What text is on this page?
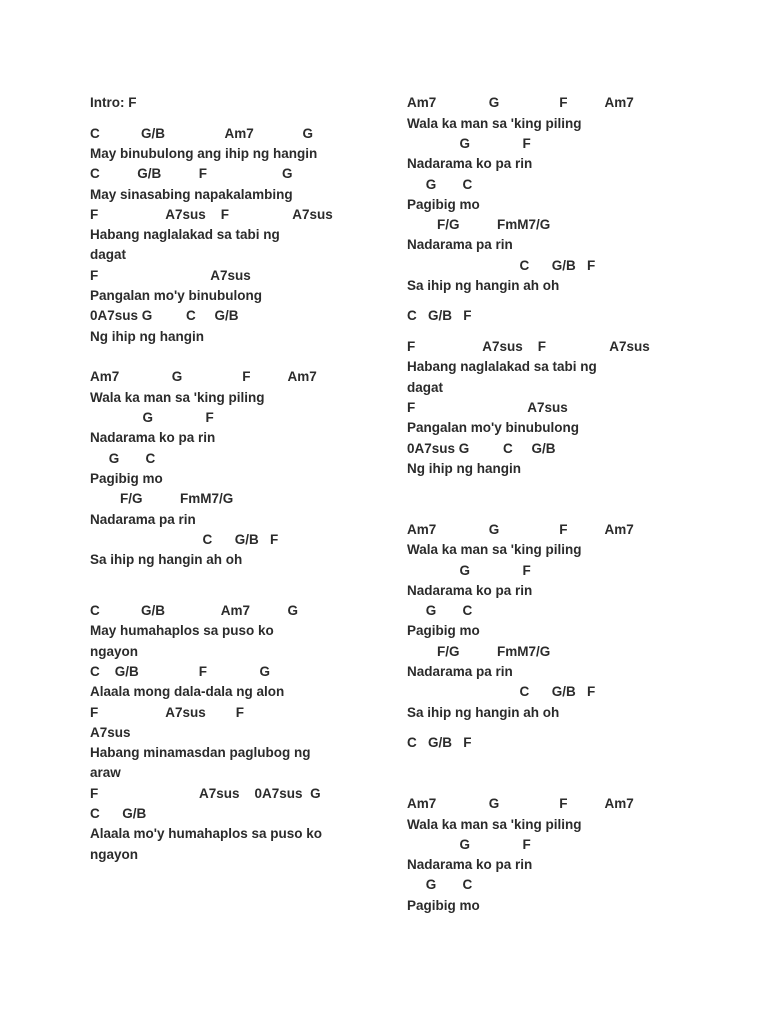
Intro: F
C           G/B                Am7             G
May binubulong ang ihip ng hangin
C          G/B          F                    G
May sinasabing napakalambing
F                  A7sus    F                 A7sus
Habang naglalakad sa tabi ng
dagat
F                              A7sus
Pangalan mo'y binubulong
0A7sus G         C     G/B
Ng ihip ng hangin
Am7              G                F          Am7
Wala ka man sa 'king piling
G              F
Nadarama ko pa rin
G       C
Pagibig mo
F/G          FmM7/G
Nadarama pa rin
C      G/B   F
Sa ihip ng hangin ah oh
C           G/B               Am7          G
May humahaplos sa puso ko
ngayon
C    G/B                F              G
Alaala mong dala-dala ng alon
F                  A7sus        F
A7sus
Habang minamasdan paglubog ng
araw
F                           A7sus    0A7sus  G
C      G/B
Alaala mo'y humahaplos sa puso ko
ngayon
Am7              G                F          Am7
Wala ka man sa 'king piling
G              F
Nadarama ko pa rin
G       C
Pagibig mo
F/G          FmM7/G
Nadarama pa rin
C      G/B   F
Sa ihip ng hangin ah oh
C   G/B   F
F                  A7sus    F                 A7sus
Habang naglalakad sa tabi ng
dagat
F                              A7sus
Pangalan mo'y binubulong
0A7sus G         C     G/B
Ng ihip ng hangin
Am7              G                F          Am7
Wala ka man sa 'king piling
G              F
Nadarama ko pa rin
G       C
Pagibig mo
F/G          FmM7/G
Nadarama pa rin
C      G/B   F
Sa ihip ng hangin ah oh
C   G/B   F
Am7              G                F          Am7
Wala ka man sa 'king piling
G              F
Nadarama ko pa rin
G       C
Pagibig mo
